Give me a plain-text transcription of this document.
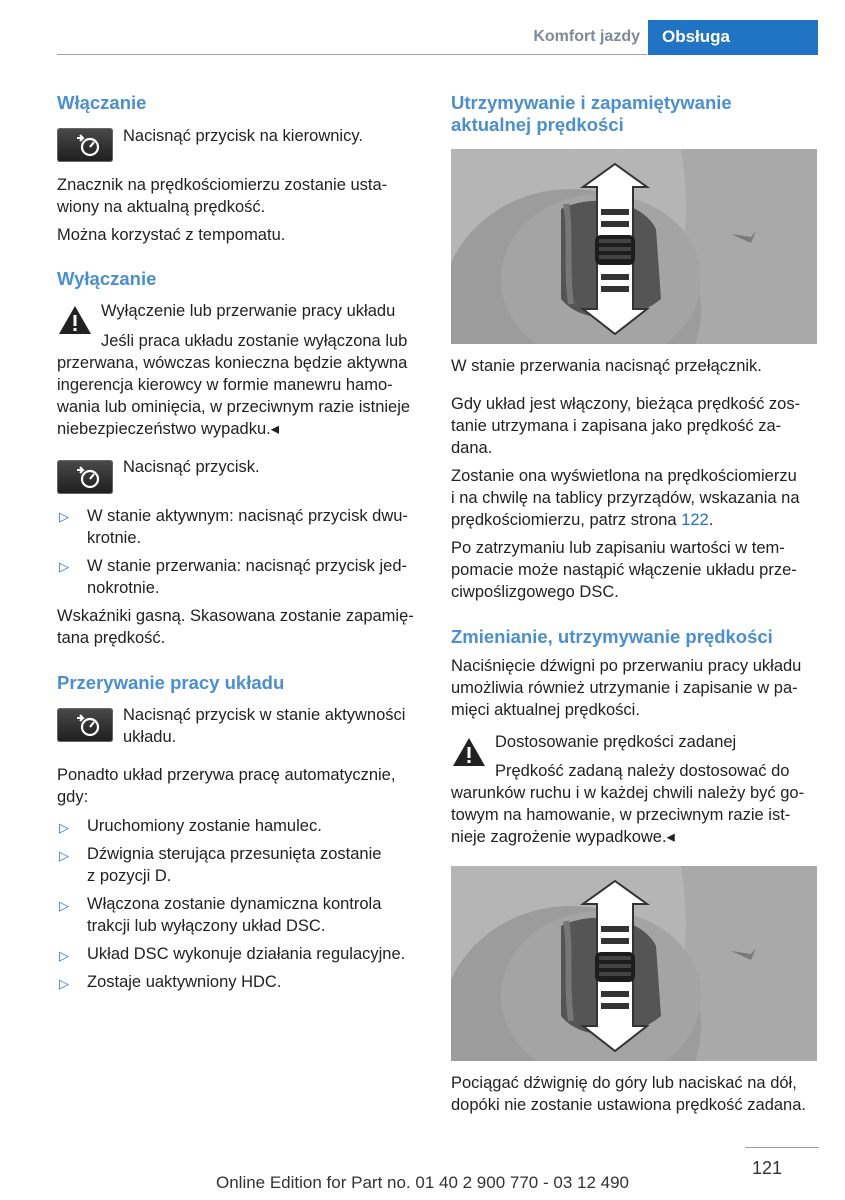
Komfort jazdy	Obsługa
Włączanie

Nacisnąć przycisk na kierownicy.

Znacznik na prędkościomierzu zostanie usta-

wiony na aktualną prędkość.

Można korzystać z tempomatu.

Wyłączanie

Wyłączenie lub przerwanie pracy układu

Jeśli praca układu zostanie wyłączona lub

przerwana, wówczas konieczna będzie aktywna

ingerencja kierowcy w formie manewru hamo-

wania lub ominięcia, w przeciwnym razie istnieje

niebezpieczeństwo wypadku.◂

Nacisnąć przycisk.

▷ W stanie aktywnym: nacisnąć przycisk dwu-

krotnie.

▷ W stanie przerwania: nacisnąć przycisk jed-

nokrotnie.

Wskaźniki gasną. Skasowana zostanie zapamię-

tana prędkość.

Przerywanie pracy układu

Nacisnąć przycisk w stanie aktywności

układu.

Ponadto układ przerywa pracę automatycznie,

gdy:

▷ Uruchomiony zostanie hamulec.

▷ Dźwignia sterująca przesunięta zostanie

z pozycji D.

▷ Włączona zostanie dynamiczna kontrola

trakcji lub wyłączony układ DSC.

▷ Układ DSC wykonuje działania regulacyjne.

▷ Zostaje uaktywniony HDC.

Utrzymywanie i zapamiętywanie
aktualnej prędkości

W stanie przerwania nacisnąć przełącznik.

Gdy układ jest włączony, bieżąca prędkość zos-

tanie utrzymana i zapisana jako prędkość za-

dana.

Zostanie ona wyświetlona na prędkościomierzu

i na chwilę na tablicy przyrządów, wskazania na

prędkościomierzu, patrz strona 122.

Po zatrzymaniu lub zapisaniu wartości w tem-

pomacie może nastąpić włączenie układu prze-

ciwpoślizgowego DSC.

Zmienianie, utrzymywanie prędkości

Naciśnięcie dźwigni po przerwaniu pracy układu

umożliwia również utrzymanie i zapisanie w pa-

mięci aktualnej prędkości.

Dostosowanie prędkości zadanej

Prędkość zadaną należy dostosować do

warunków ruchu i w każdej chwili należy być go-

towym na hamowanie, w przeciwnym razie ist-

nieje zagrożenie wypadkowe.◂

Pociągać dźwignię do góry lub naciskać na dół,

dopóki nie zostanie ustawiona prędkość zadana.

121
Online Edition for Part no. 01 40 2 900 770 - 03 12 490
